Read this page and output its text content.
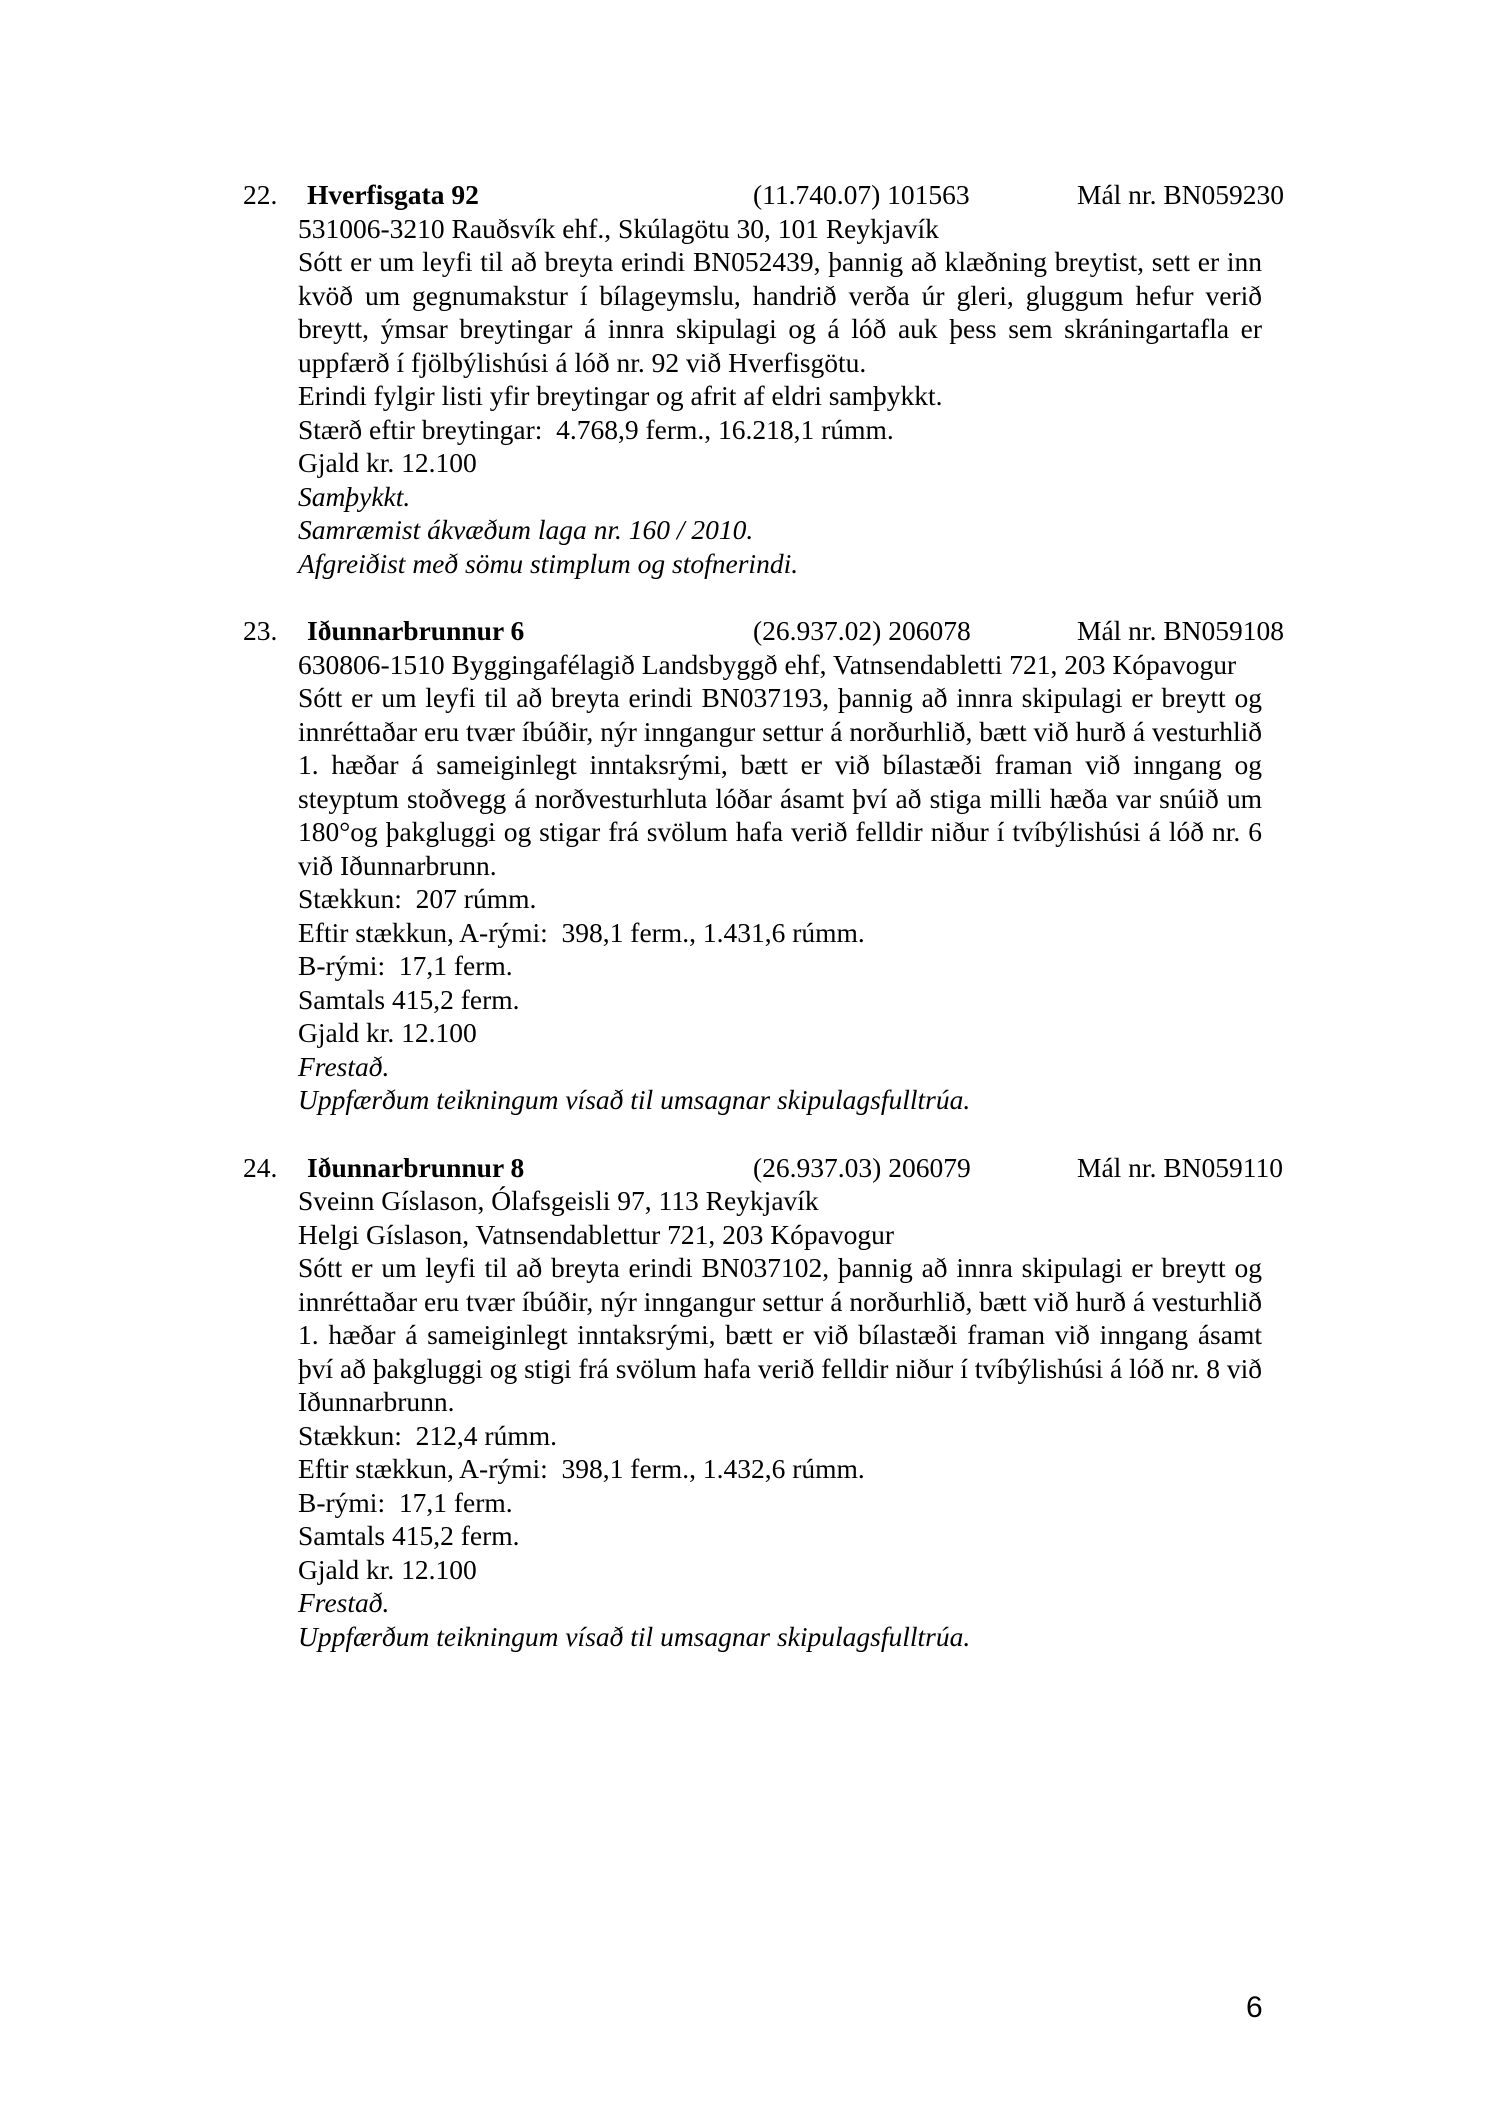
22. Hverfisgata 92	(11.740.07) 101563	Mál nr. BN059230
531006-3210 Rauðsvík ehf., Skúlagötu 30, 101 Reykjavík
Sótt er um leyfi til að breyta erindi BN052439, þannig að klæðning breytist, sett er inn kvöð um gegnumakstur í bílageymslu, handrið verða úr gleri, gluggum hefur verið breytt, ýmsar breytingar á innra skipulagi og á lóð auk þess sem skráningartafla er uppfærð í fjölbýlishúsi á lóð nr. 92 við Hverfisgötu.
Erindi fylgir listi yfir breytingar og afrit af eldri samþykkt.
Stærð eftir breytingar:  4.768,9 ferm., 16.218,1 rúmm.
Gjald kr. 12.100
Samþykkt.
Samræmist ákvæðum laga nr. 160 / 2010.
Afgreiðist með sömu stimplum og stofnerindi.
23. Iðunnarbrunnur 6	(26.937.02) 206078	Mál nr. BN059108
630806-1510 Byggingafélagið Landsbyggð ehf, Vatnsendabletti 721, 203 Kópavogur
Sótt er um leyfi til að breyta erindi BN037193, þannig að innra skipulagi er breytt og innréttaðar eru tvær íbúðir, nýr inngangur settur á norðurhlið, bætt við hurð á vesturhlið 1. hæðar á sameiginlegt inntaksrými, bætt er við bílastæði framan við inngang og steyptum stoðvegg á norðvesturhluta lóðar ásamt því að stiga milli hæða var snúið um 180°og þakgluggi og stigar frá svölum hafa verið felldir niður í tvíbýlishúsi á lóð nr. 6 við Iðunnarbrunn.
Stækkun:  207 rúmm.
Eftir stækkun, A-rými:  398,1 ferm., 1.431,6 rúmm.
B-rými:  17,1 ferm.
Samtals 415,2 ferm.
Gjald kr. 12.100
Frestað.
Uppfærðum teikningum vísað til umsagnar skipulagsfulltrúa.
24. Iðunnarbrunnur 8	(26.937.03) 206079	Mál nr. BN059110
Sveinn Gíslason, Ólafsgeisli 97, 113 Reykjavík
Helgi Gíslason, Vatnsendablettur 721, 203 Kópavogur
Sótt er um leyfi til að breyta erindi BN037102, þannig að innra skipulagi er breytt og innréttaðar eru tvær íbúðir, nýr inngangur settur á norðurhlið, bætt við hurð á vesturhlið 1. hæðar á sameiginlegt inntaksrými, bætt er við bílastæði framan við inngang ásamt því að þakgluggi og stigi frá svölum hafa verið felldir niður í tvíbýlishúsi á lóð nr. 8 við Iðunnarbrunn.
Stækkun:  212,4 rúmm.
Eftir stækkun, A-rými:  398,1 ferm., 1.432,6 rúmm.
B-rými:  17,1 ferm.
Samtals 415,2 ferm.
Gjald kr. 12.100
Frestað.
Uppfærðum teikningum vísað til umsagnar skipulagsfulltrúa.
6
